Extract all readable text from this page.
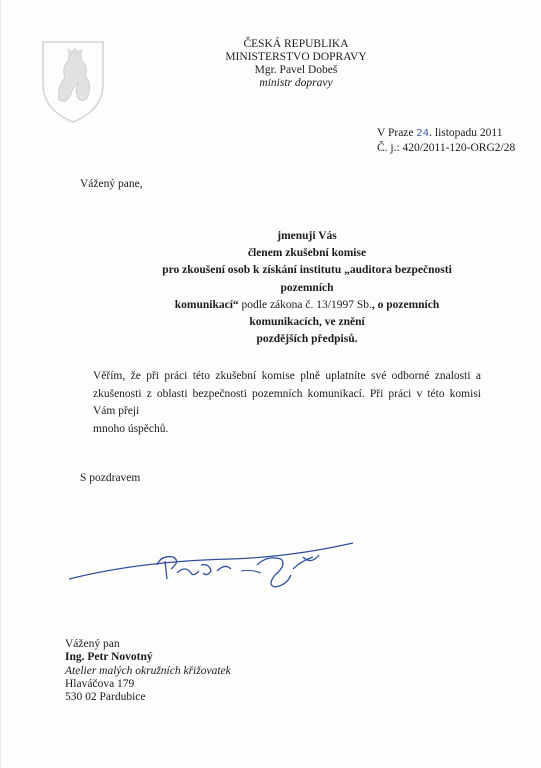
ČESKÁ REPUBLIKA
MINISTERSTVO DOPRAVY
Mgr. Pavel Dobeš
ministr dopravy
V Praze 24. listopadu 2011
Č. j.: 420/2011-120-ORG2/28
Vážený pane,
jmenuji Vás
členem zkušební komise
pro zkoušení osob k získání institutu „auditora bezpečnosti pozemních
komunikací“ podle zákona č. 13/1997 Sb., o pozemních komunikacích, ve znění
pozdějších předpisů.
Věřím, že při práci této zkušební komise plně uplatníte své odborné znalosti a zkušenosti z oblasti bezpečnosti pozemních komunikací. Při práci v této komisi Vám přeji
mnoho úspěchů.
S pozdravem
Vážený pan
Ing. Petr Novotný
Atelier malých okružních křižovatek
Hlaváčova 179
530 02 Pardubice
